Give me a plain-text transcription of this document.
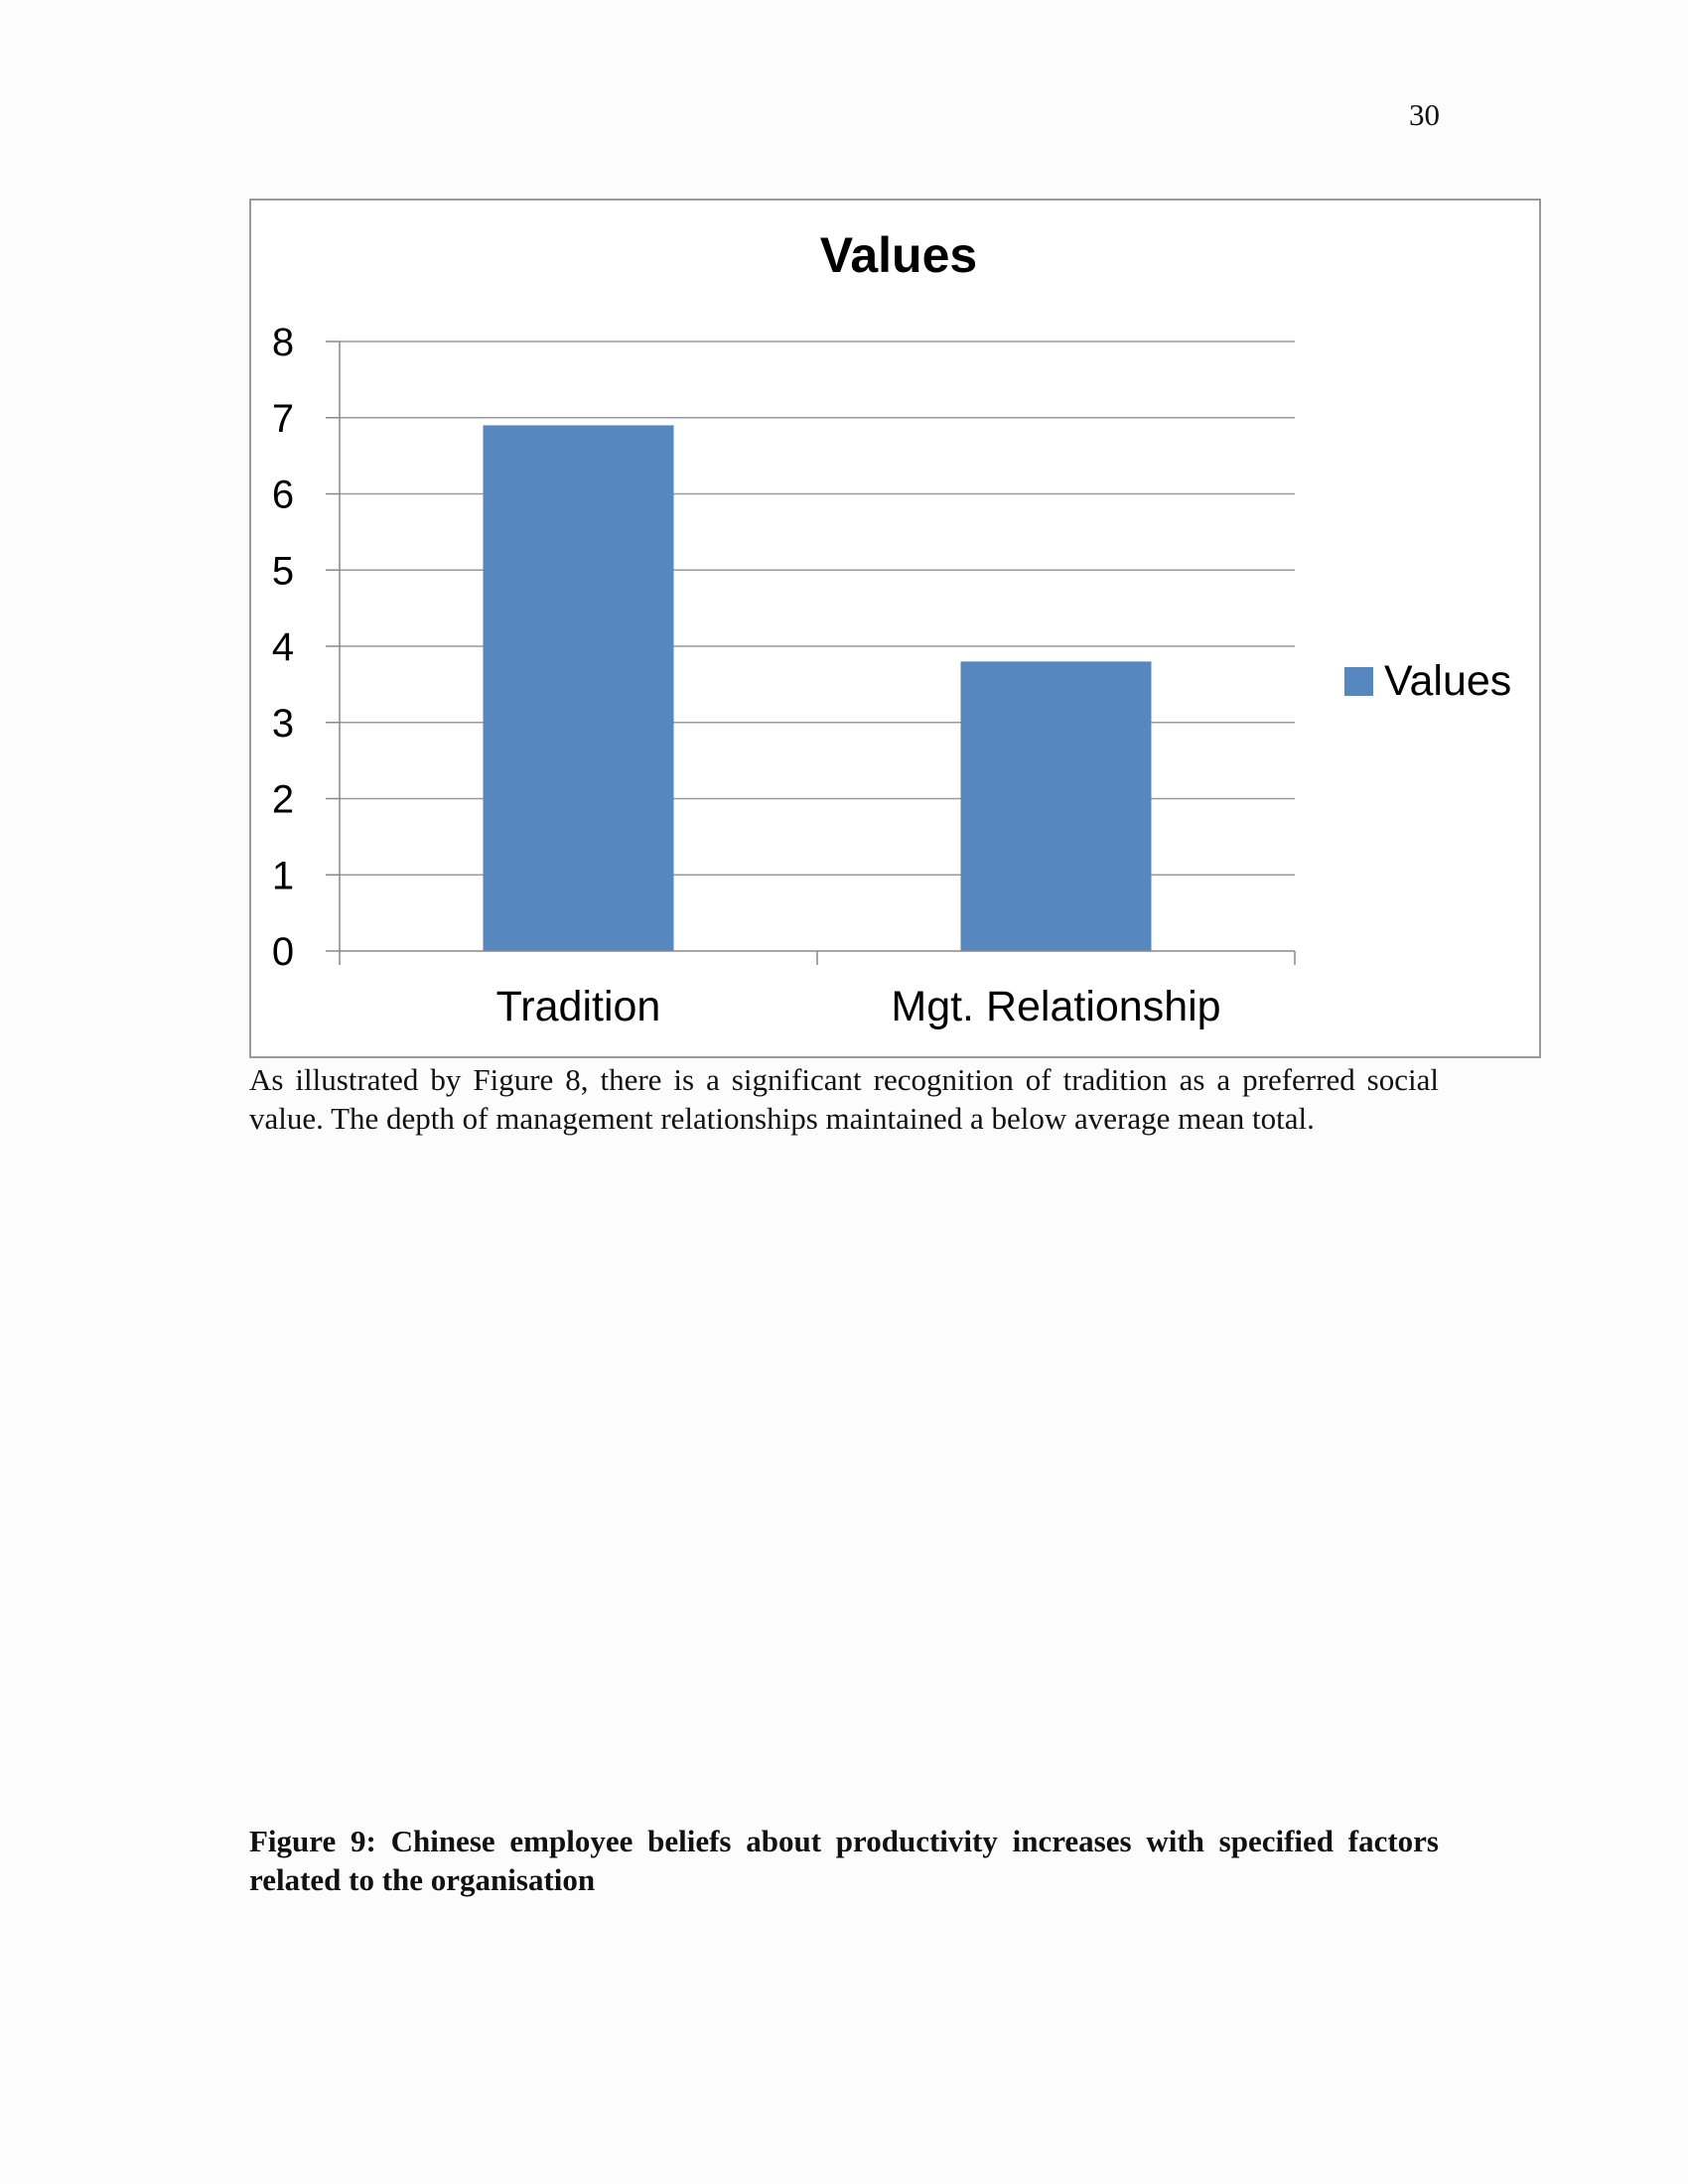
30
Values
0
1
2
3
4
5
6
7
8
Tradition	Mgt. Relationship
Values
As illustrated by Figure 8, there is a significant recognition of tradition as a preferred social value. The depth of management relationships maintained a below average mean total.
Figure 9: Chinese employee beliefs about productivity increases with specified factors related to the organisation
